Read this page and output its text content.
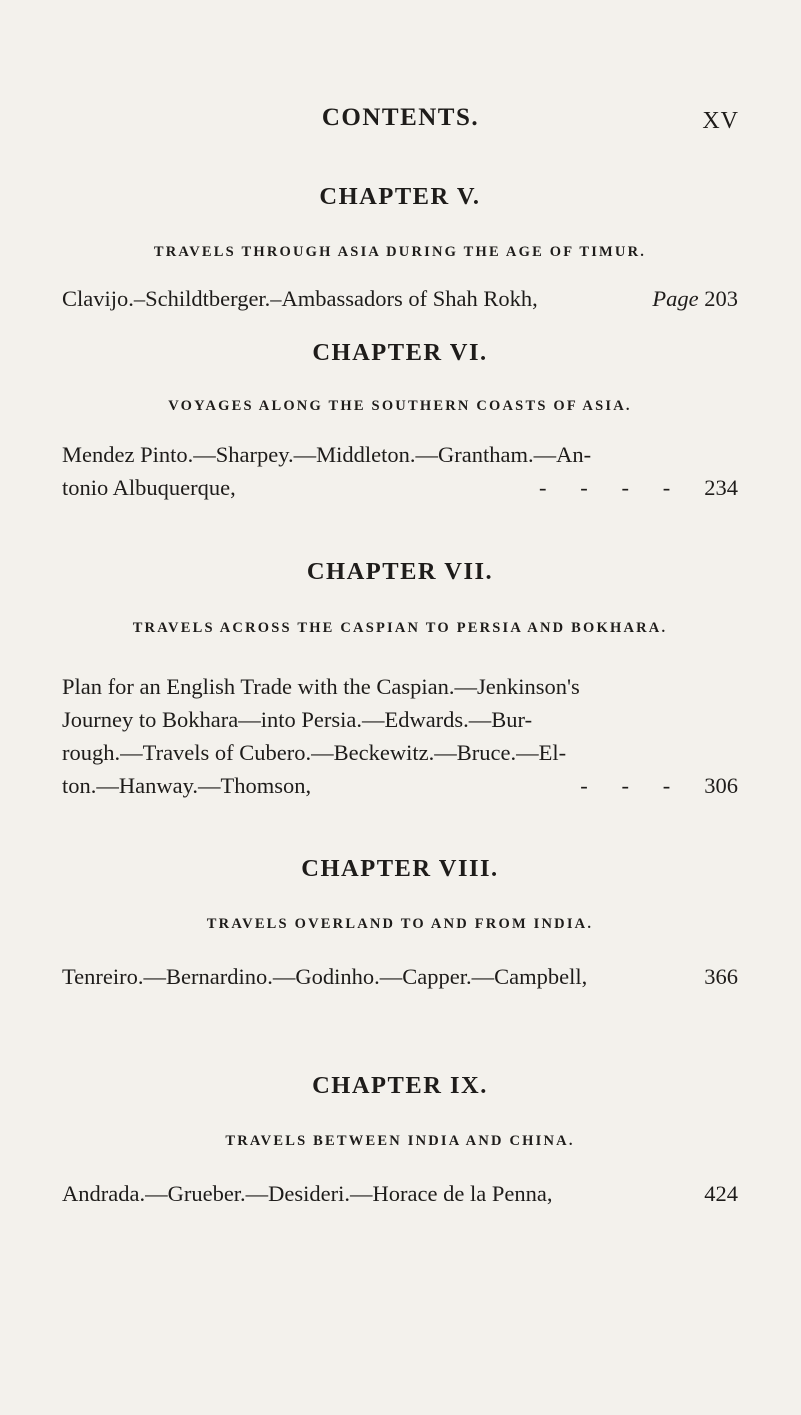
CONTENTS.	XV
CHAPTER V.

TRAVELS THROUGH ASIA DURING THE AGE OF TIMUR.

Clavijo.–Schildtberger.–Ambassadors of Shah Rokh,	Page 203

CHAPTER VI.

VOYAGES ALONG THE SOUTHERN COASTS OF ASIA.

Mendez Pinto.—Sharpey.—Middleton.—Grantham.—An-
tonio Albuquerque,	-      -      -      - 234

CHAPTER VII.

TRAVELS ACROSS THE CASPIAN TO PERSIA AND BOKHARA.

Plan for an English Trade with the Caspian.—Jenkinson's
Journey to Bokhara—into Persia.—Edwards.—Bur-
rough.—Travels of Cubero.—Beckewitz.—Bruce.—El-
ton.—Hanway.—Thomson,	-      -      - 306

CHAPTER VIII.

TRAVELS OVERLAND TO AND FROM INDIA.

Tenreiro.—Bernardino.—Godinho.—Capper.—Campbell,	366

CHAPTER IX.

TRAVELS BETWEEN INDIA AND CHINA.

Andrada.—Grueber.—Desideri.—Horace de la Penna,	424
